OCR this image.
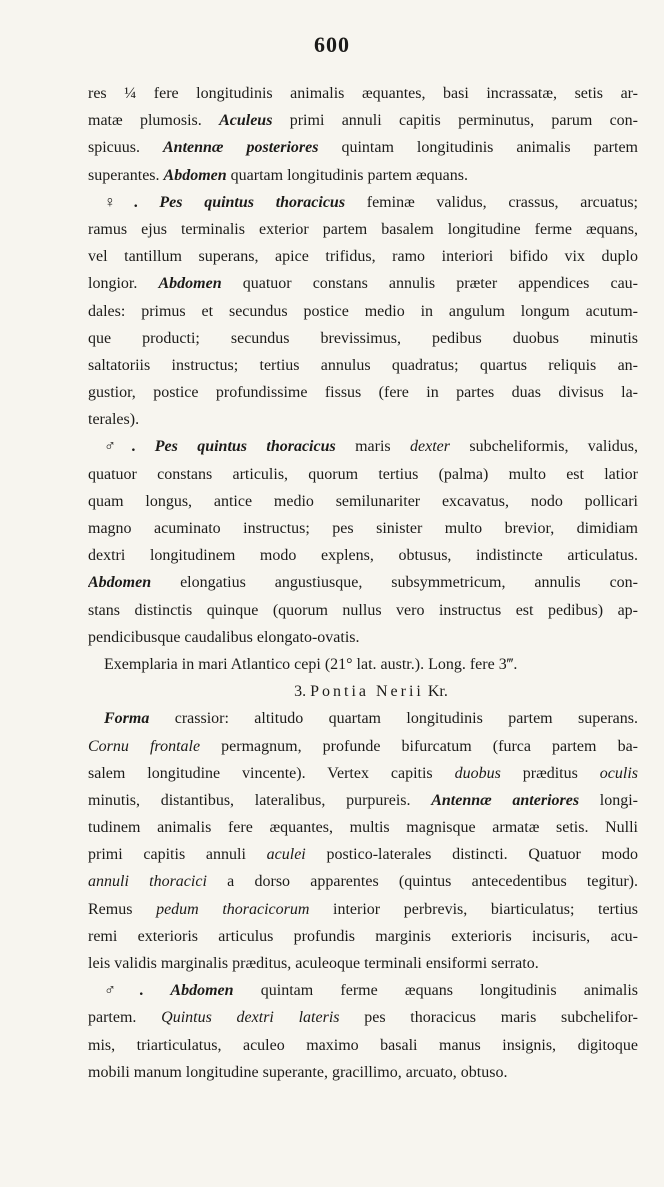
600
res ¼ fere longitudinis animalis æquantes, basi incrassatæ, setis ar-
matæ plumosis. Aculeus primi annuli capitis perminutus, parum con-
spicuus. Antennæ posteriores quintam longitudinis animalis partem
superantes. Abdomen quartam longitudinis partem æquans.
♀. Pes quintus thoracicus feminæ validus, crassus, arcuatus;
ramus ejus terminalis exterior partem basalem longitudine ferme æquans,
vel tantillum superans, apice trifidus, ramo interiori bifido vix duplo
longior. Abdomen quatuor constans annulis præter appendices cau-
dales: primus et secundus postice medio in angulum longum acutum-
que producti; secundus brevissimus, pedibus duobus minutis
saltatoriis instructus; tertius annulus quadratus; quartus reliquis an-
gustior, postice profundissime fissus (fere in partes duas divisus la-
terales).
♂. Pes quintus thoracicus maris dexter subcheliformis, validus,
quatuor constans articulis, quorum tertius (palma) multo est latior
quam longus, antice medio semilunariter excavatus, nodo pollicari
magno acuminato instructus; pes sinister multo brevior, dimidiam
dextri longitudinem modo explens, obtusus, indistincte articulatus.
Abdomen elongatius angustiusque, subsymmetricum, annulis con-
stans distinctis quinque (quorum nullus vero instructus est pedibus) ap-
pendicibusque caudalibus elongato-ovatis.
Exemplaria in mari Atlantico cepi (21° lat. austr.). Long. fere 3‴.
3. Pontia Nerii Kr.
Forma crassior: altitudo quartam longitudinis partem superans.
Cornu frontale permagnum, profunde bifurcatum (furca partem ba-
salem longitudine vincente). Vertex capitis duobus præditus oculis
minutis, distantibus, lateralibus, purpureis. Antennæ anteriores longi-
tudinem animalis fere æquantes, multis magnisque armatæ setis. Nulli
primi capitis annuli aculei postico-laterales distincti. Quatuor modo
annuli thoracici a dorso apparentes (quintus antecedentibus tegitur).
Remus pedum thoracicorum interior perbrevis, biarticulatus; tertius
remi exterioris articulus profundis marginis exterioris incisuris, acu-
leis validis marginalis præditus, aculeoque terminali ensiformi serrato.
♂. Abdomen quintam ferme æquans longitudinis animalis
partem. Quintus dextri lateris pes thoracicus maris subchelifor-
mis, triarticulatus, aculeo maximo basali manus insignis, digitoque
mobili manum longitudine superante, gracillimo, arcuato, obtuso.
